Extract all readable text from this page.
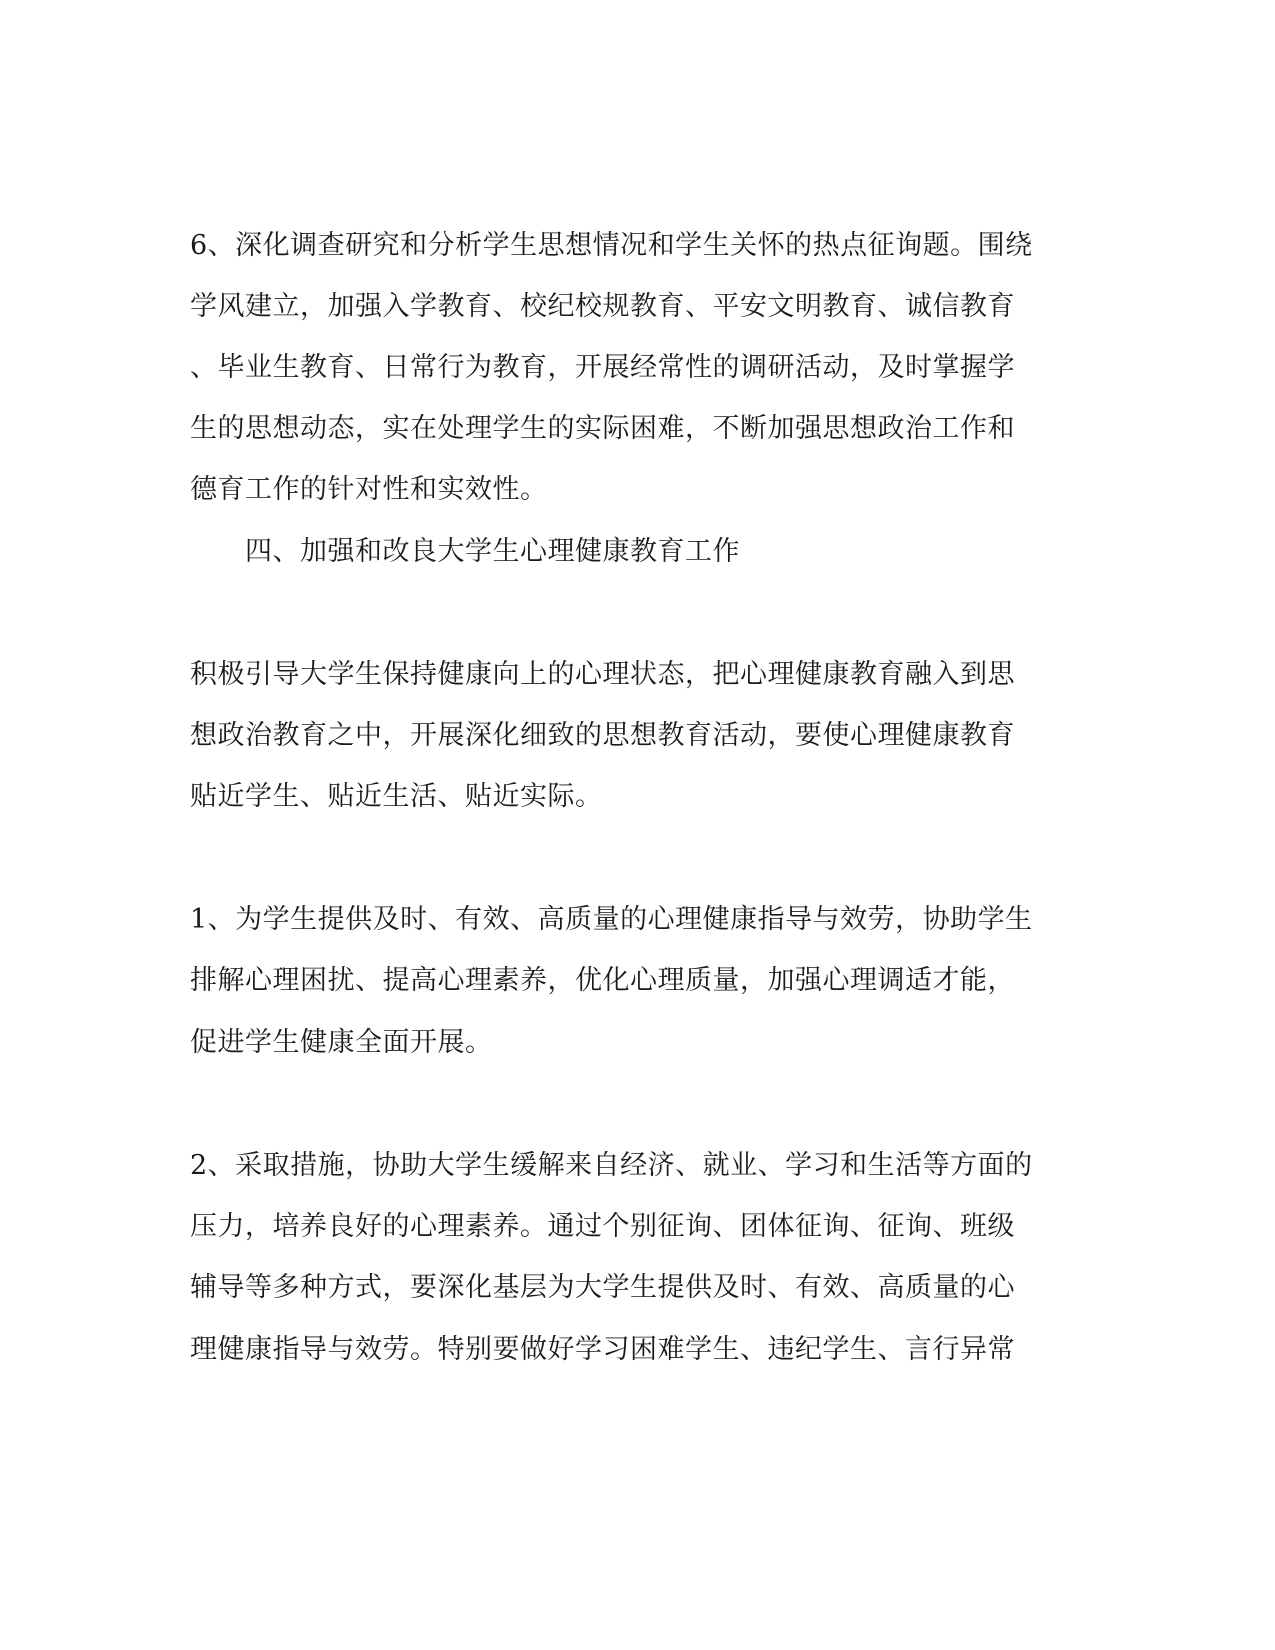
6、深化调查研究和分析学生思想情况和学生关怀的热点征询题。围绕
学风建立，加强入学教育、校纪校规教育、平安文明教育、诚信教育
、毕业生教育、日常行为教育，开展经常性的调研活动，及时掌握学
生的思想动态，实在处理学生的实际困难，不断加强思想政治工作和
德育工作的针对性和实效性。
四、加强和改良大学生心理健康教育工作
积极引导大学生保持健康向上的心理状态，把心理健康教育融入到思
想政治教育之中，开展深化细致的思想教育活动，要使心理健康教育
贴近学生、贴近生活、贴近实际。
1、为学生提供及时、有效、高质量的心理健康指导与效劳，协助学生
排解心理困扰、提高心理素养，优化心理质量，加强心理调适才能，
促进学生健康全面开展。
2、采取措施，协助大学生缓解来自经济、就业、学习和生活等方面的
压力，培养良好的心理素养。通过个别征询、团体征询、征询、班级
辅导等多种方式，要深化基层为大学生提供及时、有效、高质量的心
理健康指导与效劳。特别要做好学习困难学生、违纪学生、言行异常
